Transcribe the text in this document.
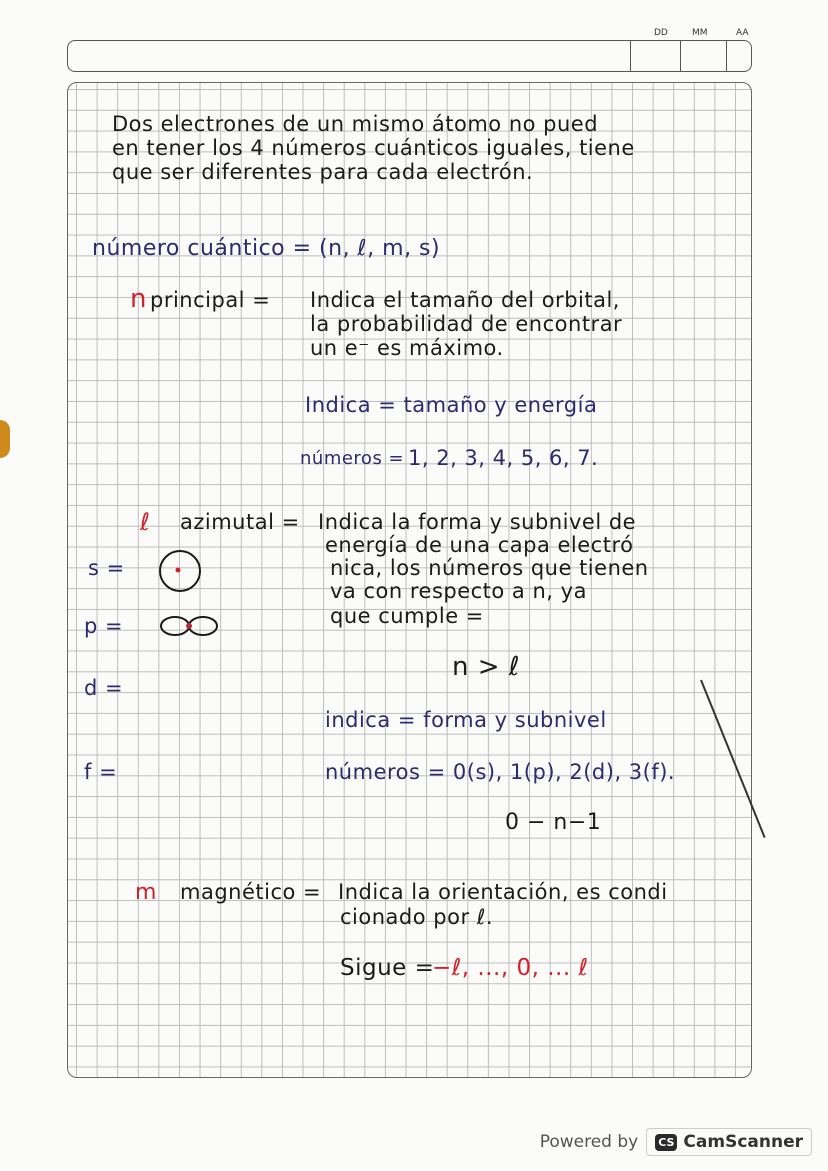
DD	MM	AA
Dos electrones de un mismo átomo no pued
en tener los 4 números cuánticos iguales, tiene
que ser diferentes para cada electrón.
número cuántico = (n, ℓ, m, s)
n principal = Indica el tamaño del orbital,
la probabilidad de encontrar
un e⁻ es máximo.
Indica = tamaño y energía
números = 1, 2, 3, 4, 5, 6, 7.
ℓ azimutal = Indica la forma y subnivel de
energía de una capa electró
nica, los números que tienen
va con respecto a n, ya
que cumple =
n > ℓ
s =
p =
d =
f =
indica = forma y subnivel
números = 0(s), 1(p), 2(d), 3(f).
0 − n−1
m magnético = Indica la orientación, es condi
cionado por ℓ.
Sigue =
−ℓ, ..., 0, ... ℓ
Powered by CS CamScanner
